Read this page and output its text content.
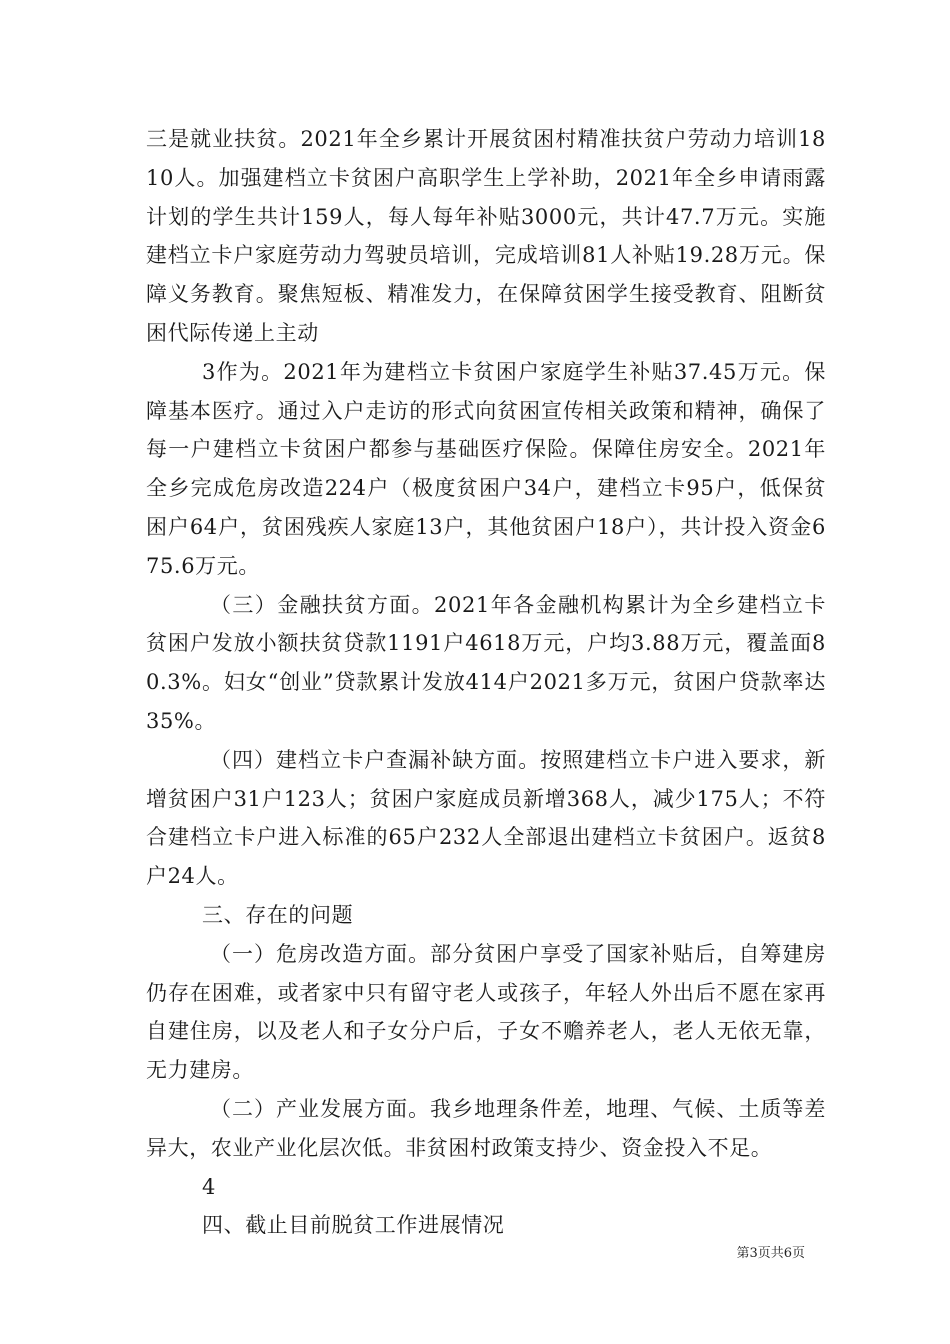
三是就业扶贫。2021年全乡累计开展贫困村精准扶贫户劳动力培训1810人。加强建档立卡贫困户高职学生上学补助，2021年全乡申请雨露计划的学生共计159人，每人每年补贴3000元，共计47.7万元。实施建档立卡户家庭劳动力驾驶员培训，完成培训81人补贴19.28万元。保障义务教育。聚焦短板、精准发力，在保障贫困学生接受教育、阻断贫困代际传递上主动

3作为。2021年为建档立卡贫困户家庭学生补贴37.45万元。保障基本医疗。通过入户走访的形式向贫困宣传相关政策和精神，确保了每一户建档立卡贫困户都参与基础医疗保险。保障住房安全。2021年全乡完成危房改造224户（极度贫困户34户，建档立卡95户，低保贫困户64户，贫困残疾人家庭13户，其他贫困户18户），共计投入资金675.6万元。

（三）金融扶贫方面。2021年各金融机构累计为全乡建档立卡贫困户发放小额扶贫贷款1191户4618万元，户均3.88万元，覆盖面80.3%。妇女“创业”贷款累计发放414户2021多万元，贫困户贷款率达35%。

（四）建档立卡户查漏补缺方面。按照建档立卡户进入要求，新增贫困户31户123人；贫困户家庭成员新增368人，减少175人；不符合建档立卡户进入标准的65户232人全部退出建档立卡贫困户。返贫8户24人。

三、存在的问题

（一）危房改造方面。部分贫困户享受了国家补贴后，自筹建房仍存在困难，或者家中只有留守老人或孩子，年轻人外出后不愿在家再自建住房，以及老人和子女分户后，子女不赡养老人，老人无依无靠，无力建房。

（二）产业发展方面。我乡地理条件差，地理、气候、土质等差异大，农业产业化层次低。非贫困村政策支持少、资金投入不足。

4

四、截止目前脱贫工作进展情况

第3页共6页
